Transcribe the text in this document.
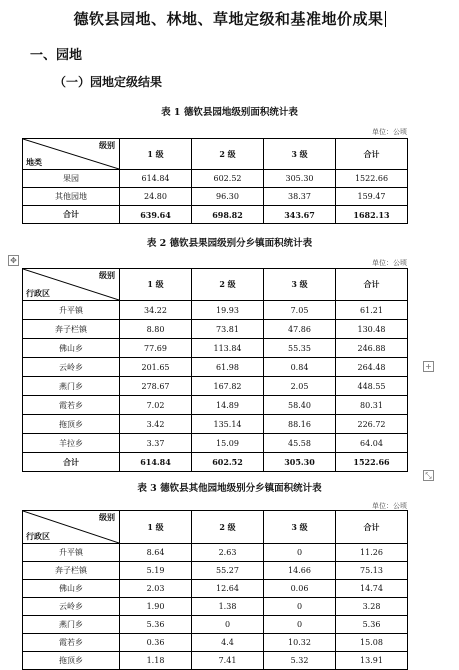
德钦县园地、林地、草地定级和基准地价成果
一、园地
（一）园地定级结果
表 1 德钦县园地级别面积统计表
单位：公顷
级别
地类	1 级	2 级	3 级	合计
果园	614.84	602.52	305.30	1522.66
其他园地	24.80	96.30	38.37	159.47
合计	639.64	698.82	343.67	1682.13
✥
表 2 德钦县果园级别分乡镇面积统计表
单位：公顷
级别
行政区	1 级	2 级	3 级	合计
升平镇	34.22	19.93	7.05	61.21
奔子栏镇	8.80	73.81	47.86	130.48
佛山乡	77.69	113.84	55.35	246.88
云岭乡	201.65	61.98	0.84	264.48
燕门乡	278.67	167.82	2.05	448.55
霞若乡	7.02	14.89	58.40	80.31
拖顶乡	3.42	135.14	88.16	226.72
羊拉乡	3.37	15.09	45.58	64.04
合计	614.84	602.52	305.30	1522.66
+
⤡
表 3 德钦县其他园地级别分乡镇面积统计表
单位：公顷
级别
行政区	1 级	2 级	3 级	合计
升平镇	8.64	2.63	0	11.26
奔子栏镇	5.19	55.27	14.66	75.13
佛山乡	2.03	12.64	0.06	14.74
云岭乡	1.90	1.38	0	3.28
燕门乡	5.36	0	0	5.36
霞若乡	0.36	4.4	10.32	15.08
拖顶乡	1.18	7.41	5.32	13.91
